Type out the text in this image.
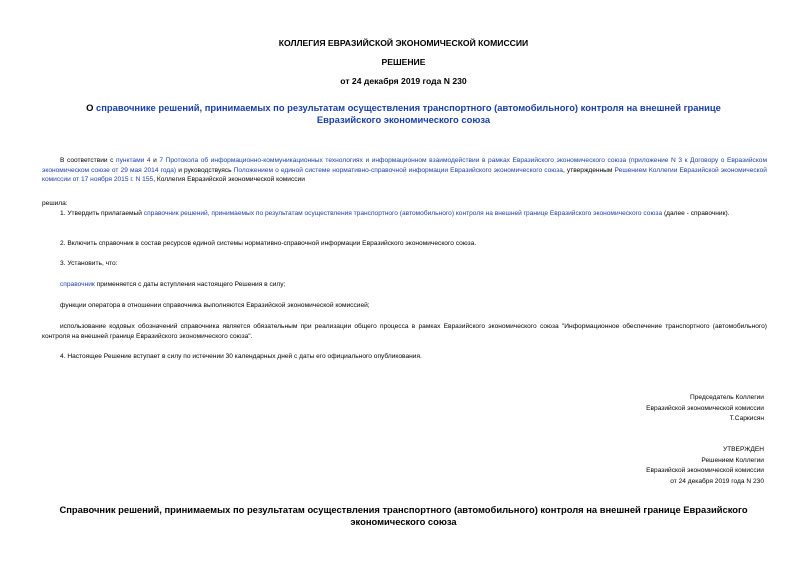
КОЛЛЕГИЯ ЕВРАЗИЙСКОЙ ЭКОНОМИЧЕСКОЙ КОМИССИИ
РЕШЕНИЕ
от 24 декабря 2019 года N 230
О справочнике решений, принимаемых по результатам осуществления транспортного (автомобильного) контроля на внешней границе Евразийского экономического союза
В соответствии с пунктами 4 и 7 Протокола об информационно-коммуникационных технологиях и информационном взаимодействии в рамках Евразийского экономического союза (приложение N 3 к Договору о Евразийском экономическом союзе от 29 мая 2014 года) и руководствуясь Положением о единой системе нормативно-справочной информации Евразийского экономического союза, утвержденным Решением Коллегии Евразийской экономической комиссии от 17 ноября 2015 г. N 155, Коллегия Евразийской экономической комиссии
решила:
1. Утвердить прилагаемый справочник решений, принимаемых по результатам осуществления транспортного (автомобильного) контроля на внешней границе Евразийского экономического союза (далее - справочник).
2. Включить справочник в состав ресурсов единой системы нормативно-справочной информации Евразийского экономического союза.
3. Установить, что:
справочник применяется с даты вступления настоящего Решения в силу;
функции оператора в отношении справочника выполняются Евразийской экономической комиссией;
использование кодовых обозначений справочника является обязательным при реализации общего процесса в рамках Евразийского экономического союза "Информационное обеспечение транспортного (автомобильного) контроля на внешней границе Евразийского экономического союза".
4. Настоящее Решение вступает в силу по истечении 30 календарных дней с даты его официального опубликования.
Председатель Коллегии
Евразийской экономической комиссии
Т.Саркисян
УТВЕРЖДЕН
Решением Коллегии
Евразийской экономической комиссии
от 24 декабря 2019 года N 230
Справочник решений, принимаемых по результатам осуществления транспортного (автомобильного) контроля на внешней границе Евразийского экономического союза
